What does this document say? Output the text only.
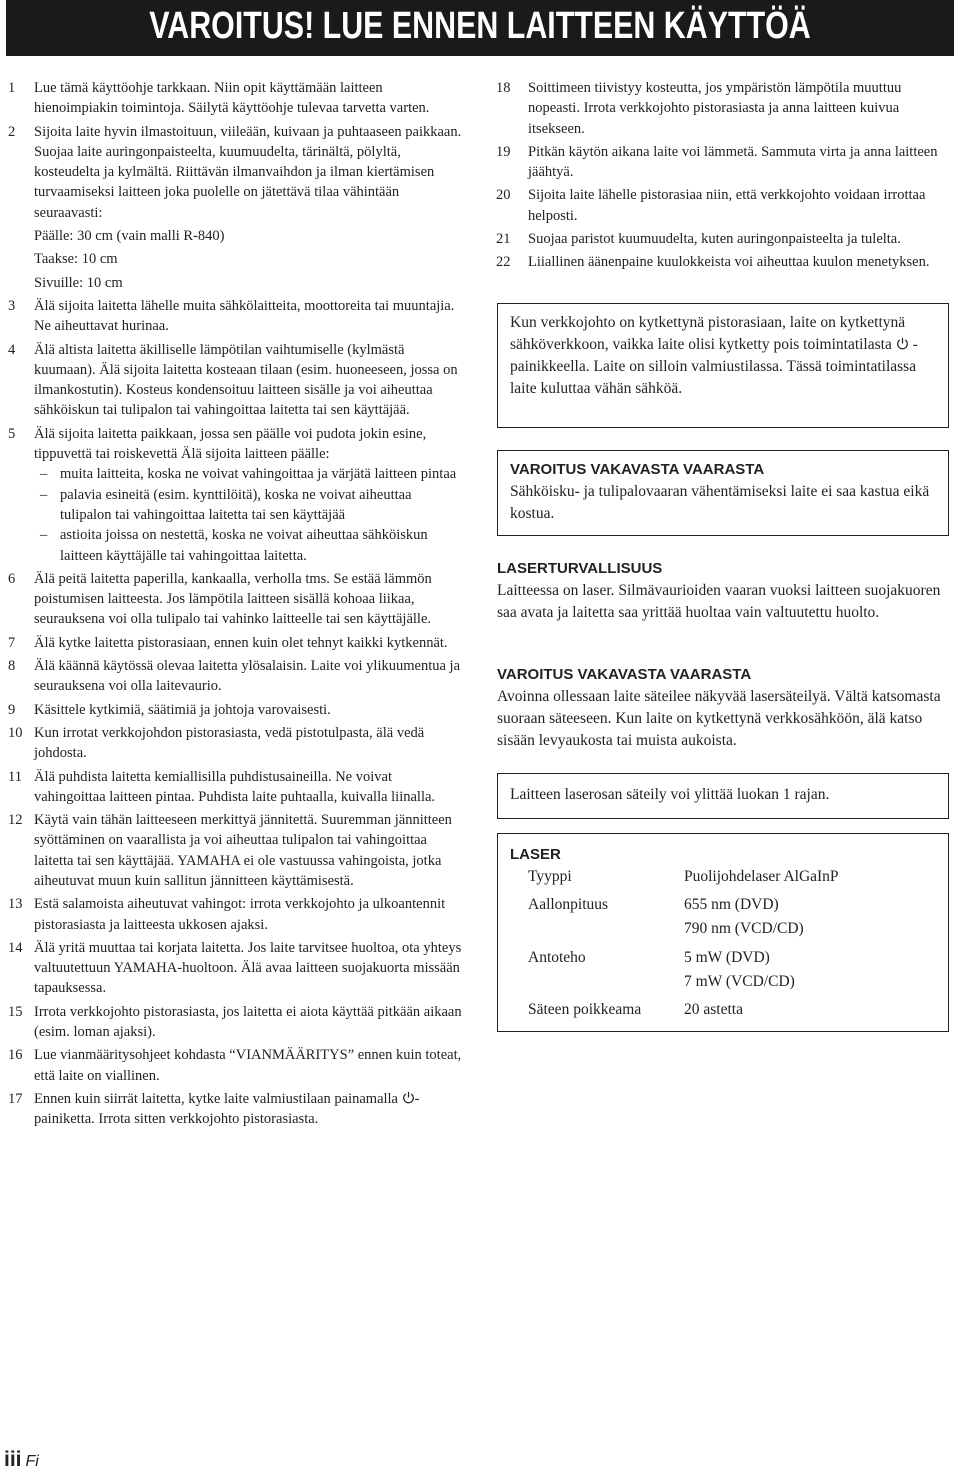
VAROITUS! LUE ENNEN LAITTEEN KÄYTTÖÄ
1 Lue tämä käyttöohje tarkkaan. Niin opit käyttämään laitteen hienoimpiakin toimintoja. Säilytä käyttöohje tulevaa tarvetta varten.
2 Sijoita laite hyvin ilmastoituun, viileään, kuivaan ja puhtaaseen paikkaan. Suojaa laite auringonpaisteelta, kuumuudelta, tärinältä, pölyltä, kosteudelta ja kylmältä. Riittävän ilmanvaihdon ja ilman kiertämisen turvaamiseksi laitteen joka puolelle on jätettävä tilaa vähintään seuraavasti:
Päälle: 30 cm (vain malli R-840)
Taakse: 10 cm
Sivuille: 10 cm
3 Älä sijoita laitetta lähelle muita sähkölaitteita, moottoreita tai muuntajia. Ne aiheuttavat hurinaa.
4 Älä altista laitetta äkilliselle lämpötilan vaihtumiselle (kylmästä kuumaan). Älä sijoita laitetta kosteaan tilaan (esim. huoneeseen, jossa on ilmankostutin). Kosteus kondensoituu laitteen sisälle ja voi aiheuttaa sähköiskun tai tulipalon tai vahingoittaa laitetta tai sen käyttäjää.
5 Älä sijoita laitetta paikkaan, jossa sen päälle voi pudota jokin esine, tippuvettä tai roiskevettä Älä sijoita laitteen päälle:
– muita laitteita, koska ne voivat vahingoittaa ja värjätä laitteen pintaa
– palavia esineitä (esim. kynttilöitä), koska ne voivat aiheuttaa tulipalon tai vahingoittaa laitetta tai sen käyttäjää
– astioita joissa on nestettä, koska ne voivat aiheuttaa sähköiskun laitteen käyttäjälle tai vahingoittaa laitetta.
6 Älä peitä laitetta paperilla, kankaalla, verholla tms. Se estää lämmön poistumisen laitteesta. Jos lämpötila laitteen sisällä kohoaa liikaa, seurauksena voi olla tulipalo tai vahinko laitteelle tai sen käyttäjälle.
7 Älä kytke laitetta pistorasiaan, ennen kuin olet tehnyt kaikki kytkennät.
8 Älä käännä käytössä olevaa laitetta ylösalaisin. Laite voi ylikuumentua ja seurauksena voi olla laitevaurio.
9 Käsittele kytkimiä, säätimiä ja johtoja varovaisesti.
10 Kun irrotat verkkojohdon pistorasiasta, vedä pistotulpasta, älä vedä johdosta.
11 Älä puhdista laitetta kemiallisilla puhdistusaineilla. Ne voivat vahingoittaa laitteen pintaa. Puhdista laite puhtaalla, kuivalla liinalla.
12 Käytä vain tähän laitteeseen merkittyä jännitettä. Suuremman jännitteen syöttäminen on vaarallista ja voi aiheuttaa tulipalon tai vahingoittaa laitetta tai sen käyttäjää. YAMAHA ei ole vastuussa vahingoista, jotka aiheutuvat muun kuin sallitun jännitteen käyttämisestä.
13 Estä salamoista aiheutuvat vahingot: irrota verkkojohto ja ulkoantennit pistorasiasta ja laitteesta ukkosen ajaksi.
14 Älä yritä muuttaa tai korjata laitetta. Jos laite tarvitsee huoltoa, ota yhteys valtuutettuun YAMAHA-huoltoon. Älä avaa laitteen suojakuorta missään tapauksessa.
15 Irrota verkkojohto pistorasiasta, jos laitetta ei aiota käyttää pitkään aikaan (esim. loman ajaksi).
16 Lue vianmääritysohjeet kohdasta “VIANMÄÄRITYS” ennen kuin toteat, että laite on viallinen.
17 Ennen kuin siirrät laitetta, kytke laite valmiustilaan painamalla -painiketta. Irrota sitten verkkojohto pistorasiasta.
18 Soittimeen tiivistyy kosteutta, jos ympäristön lämpötila muuttuu nopeasti. Irrota verkkojohto pistorasiasta ja anna laitteen kuivua itsekseen.
19 Pitkän käytön aikana laite voi lämmetä. Sammuta virta ja anna laitteen jäähtyä.
20 Sijoita laite lähelle pistorasiaa niin, että verkkojohto voidaan irrottaa helposti.
21 Suojaa paristot kuumuudelta, kuten auringonpaisteelta ja tulelta.
22 Liiallinen äänenpaine kuulokkeista voi aiheuttaa kuulon menetyksen.
Kun verkkojohto on kytkettynä pistorasiaan, laite on kytkettynä sähköverkkoon, vaikka laite olisi kytketty pois toimintatilasta -painikkeella. Laite on silloin valmiustilassa. Tässä toimintatilassa laite kuluttaa vähän sähköä.
VAROITUS VAKAVASTA VAARASTA
Sähköisku- ja tulipalovaaran vähentämiseksi laite ei saa kastua eikä kostua.
LASERTURVALLISUUS
Laitteessa on laser. Silmävaurioiden vaaran vuoksi laitteen suojakuoren saa avata ja laitetta saa yrittää huoltaa vain valtuutettu huolto.
VAROITUS VAKAVASTA VAARASTA
Avoinna ollessaan laite säteilee näkyvää lasersäteilyä. Vältä katsomasta suoraan säteeseen. Kun laite on kytkettynä verkkosähköön, älä katso sisään levyaukosta tai muista aukoista.
Laitteen laserosan säteily voi ylittää luokan 1 rajan.
LASER
Tyyppi	Puolijohdelaser AlGaInP
Aallonpituus	655 nm (DVD)
790 nm (VCD/CD)
Antoteho	5 mW (DVD)
7 mW (VCD/CD)
Säteen poikkeama	20 astetta
iii Fi
